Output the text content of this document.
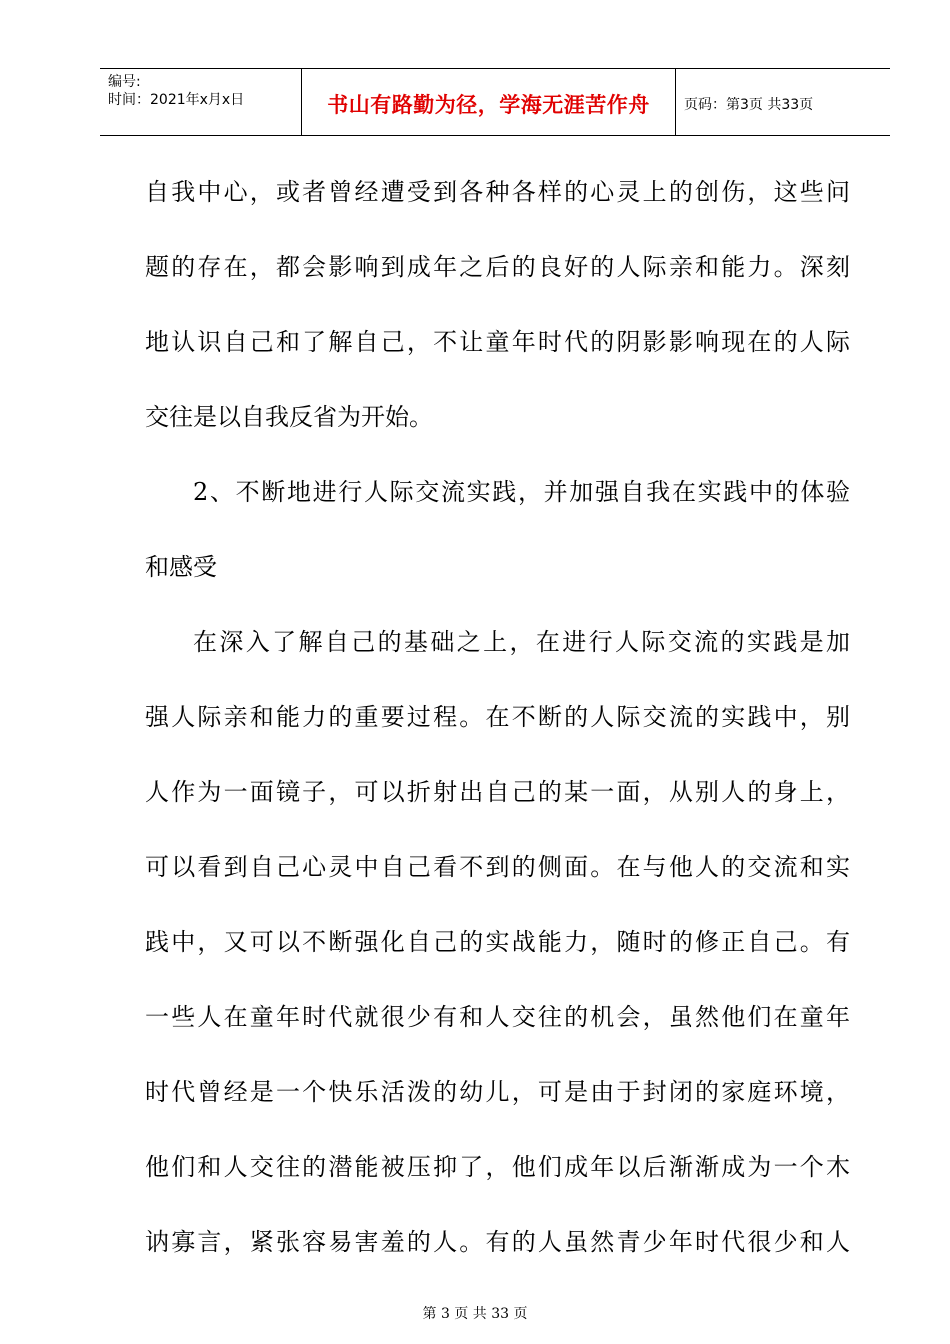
编号:
时间：2021年x月x日	书山有路勤为径，学海无涯苦作舟 页码：第3页 共33页
自我中心，或者曾经遭受到各种各样的心灵上的创伤，这些问
题的存在，都会影响到成年之后的良好的人际亲和能力。深刻
地认识自己和了解自己，不让童年时代的阴影影响现在的人际
交往是以自我反省为开始。
2、不断地进行人际交流实践，并加强自我在实践中的体验
和感受
在深入了解自己的基础之上，在进行人际交流的实践是加
强人际亲和能力的重要过程。在不断的人际交流的实践中，别
人作为一面镜子，可以折射出自己的某一面，从别人的身上，
可以看到自己心灵中自己看不到的侧面。在与他人的交流和实
践中，又可以不断强化自己的实战能力，随时的修正自己。有
一些人在童年时代就很少有和人交往的机会，虽然他们在童年
时代曾经是一个快乐活泼的幼儿，可是由于封闭的家庭环境，
他们和人交往的潜能被压抑了，他们成年以后渐渐成为一个木
讷寡言，紧张容易害羞的人。有的人虽然青少年时代很少和人
第 3 页 共 33 页
